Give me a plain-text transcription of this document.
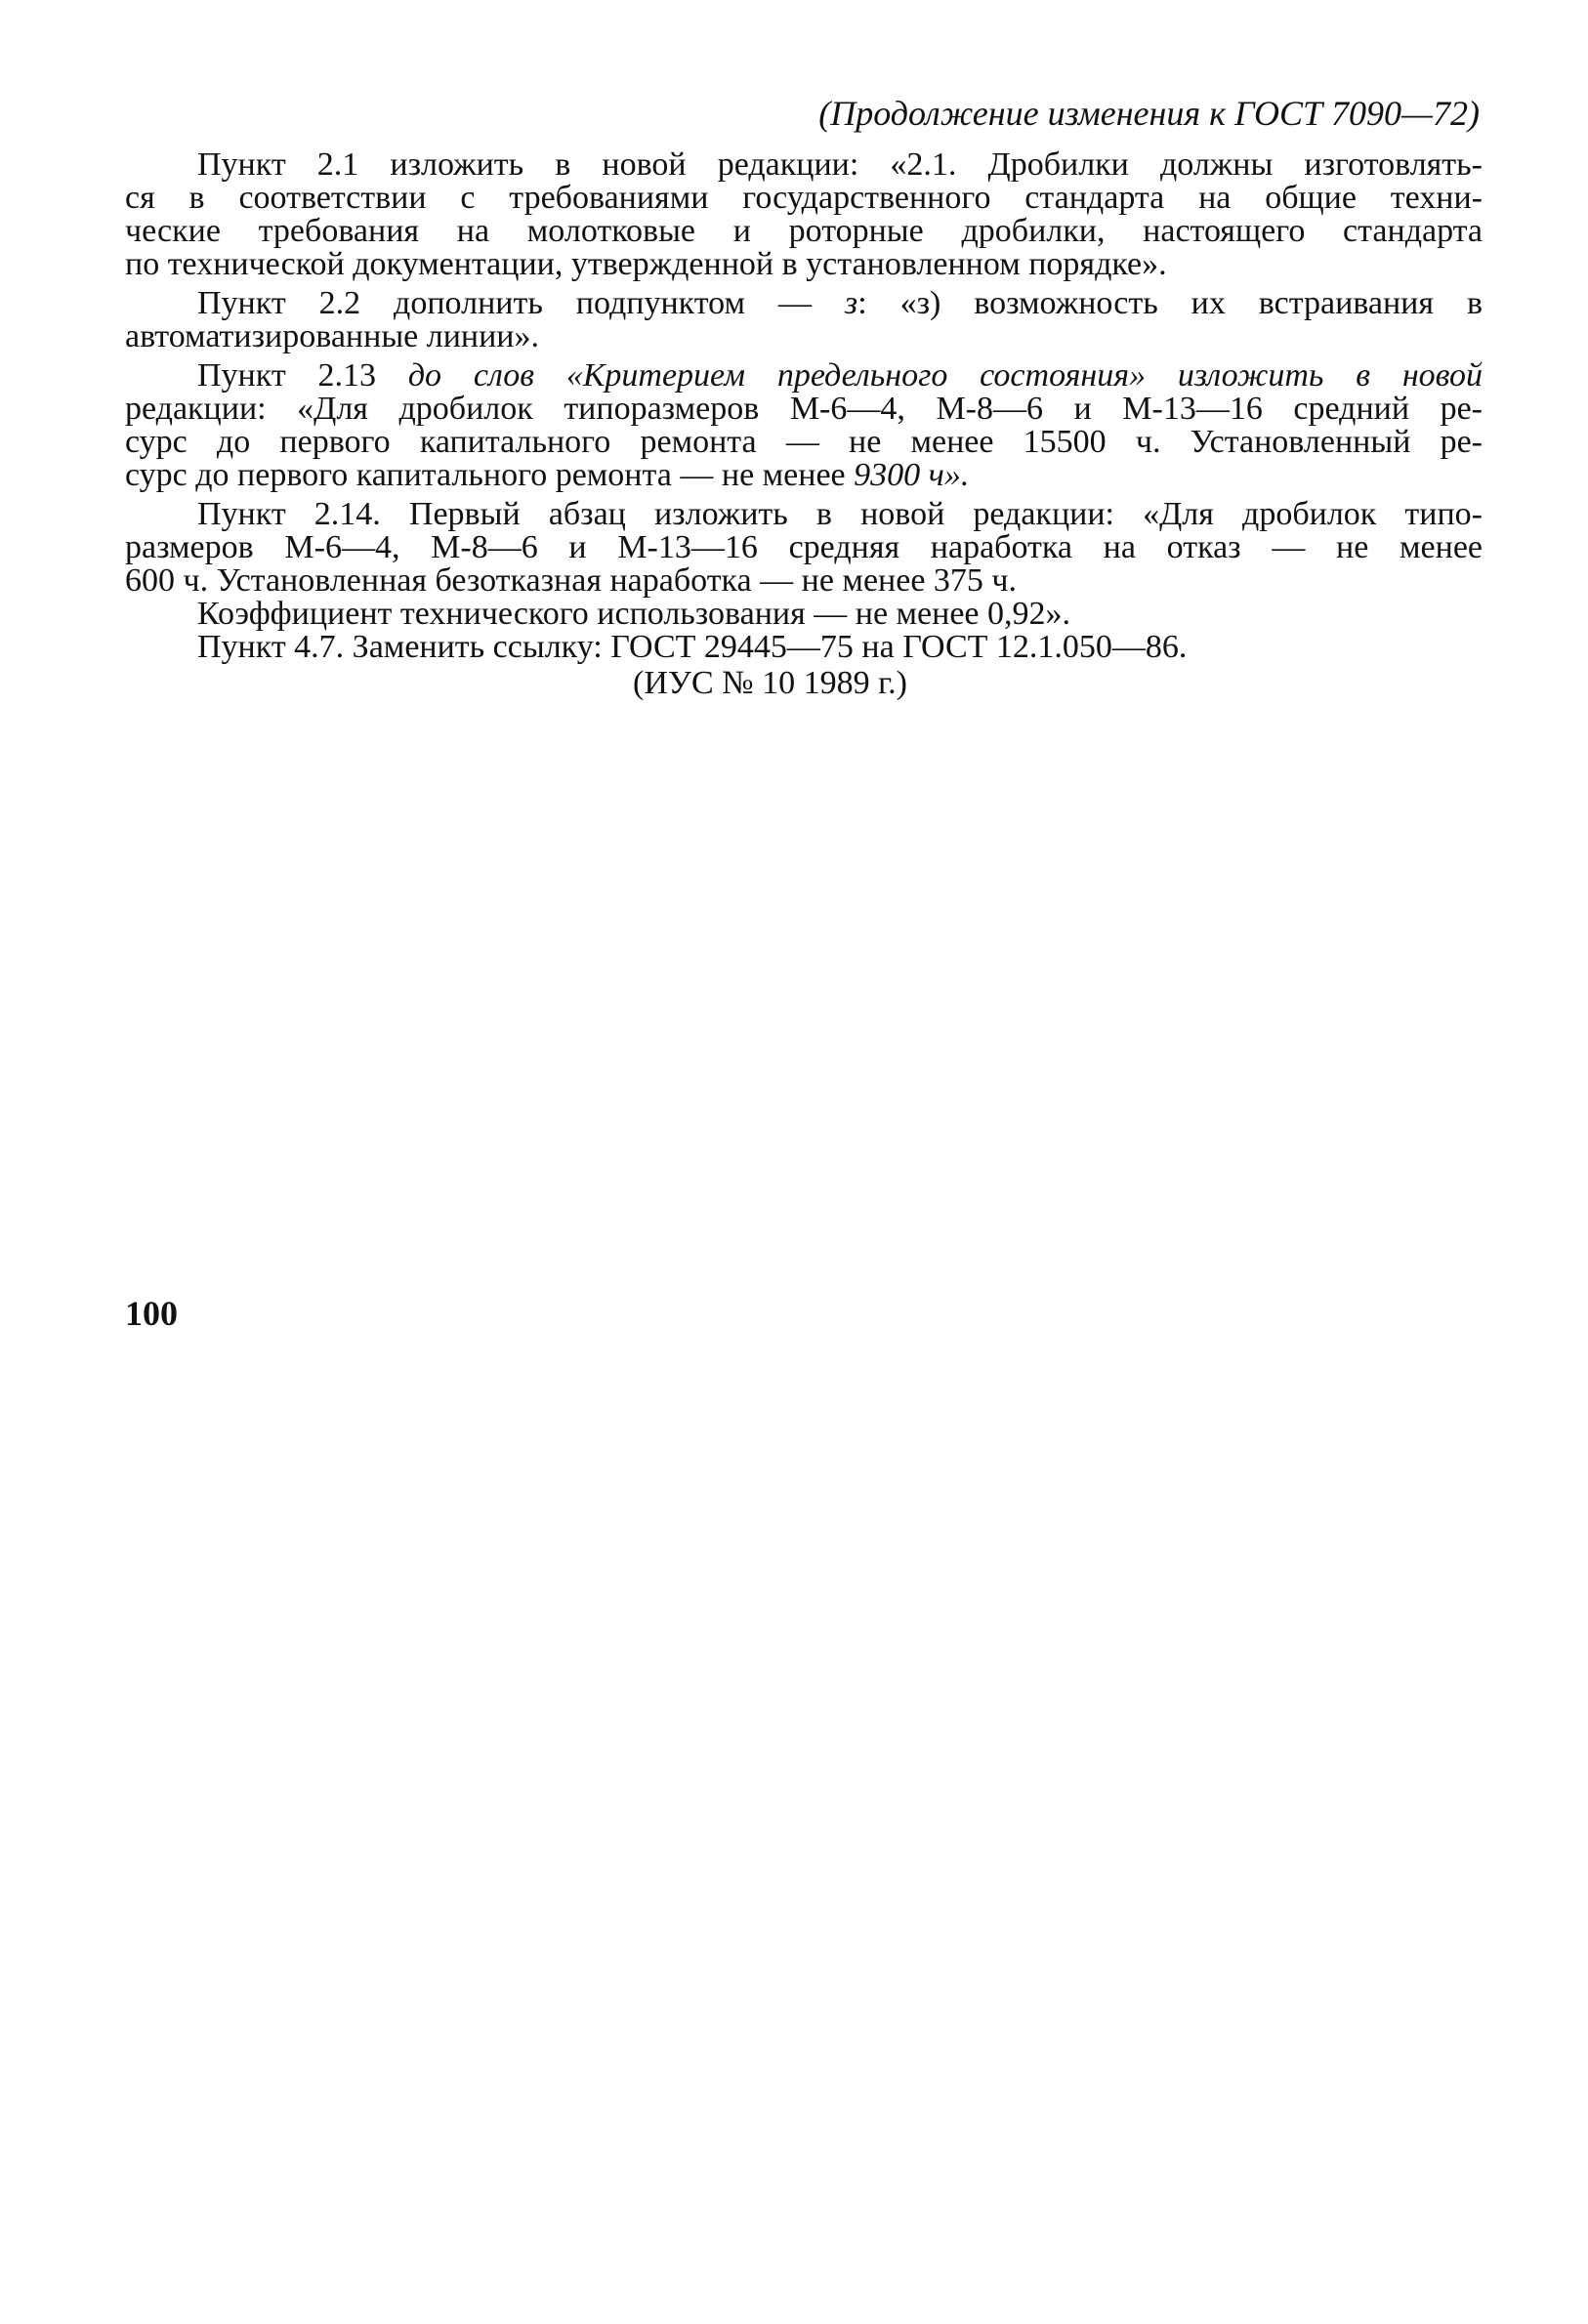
(Продолжение изменения к ГОСТ 7090—72)
Пункт 2.1 изложить в новой редакции: «2.1. Дробилки должны изготовлять-
ся в соответствии с требованиями государственного стандарта на общие техни-
ческие требования на молотковые и роторные дробилки, настоящего стандарта
по технической документации, утвержденной в установленном порядке».
Пункт 2.2 дополнить подпунктом — з: «з) возможность их встраивания в
автоматизированные линии».
Пункт 2.13 до слов «Критерием предельного состояния» изложить в новой
редакции: «Для дробилок типоразмеров М-6—4, М-8—6 и М-13—16 средний ре-
сурс до первого капитального ремонта — не менее 15500 ч. Установленный ре-
сурс до первого капитального ремонта — не менее 9300 ч».
Пункт 2.14. Первый абзац изложить в новой редакции: «Для дробилок типо-
размеров М-6—4, М-8—6 и М-13—16 средняя наработка на отказ — не менее
600 ч. Установленная безотказная наработка — не менее 375 ч.
Коэффициент технического использования — не менее 0,92».
Пункт 4.7. Заменить ссылку: ГОСТ 29445—75 на ГОСТ 12.1.050—86.
(ИУС № 10 1989 г.)
100
